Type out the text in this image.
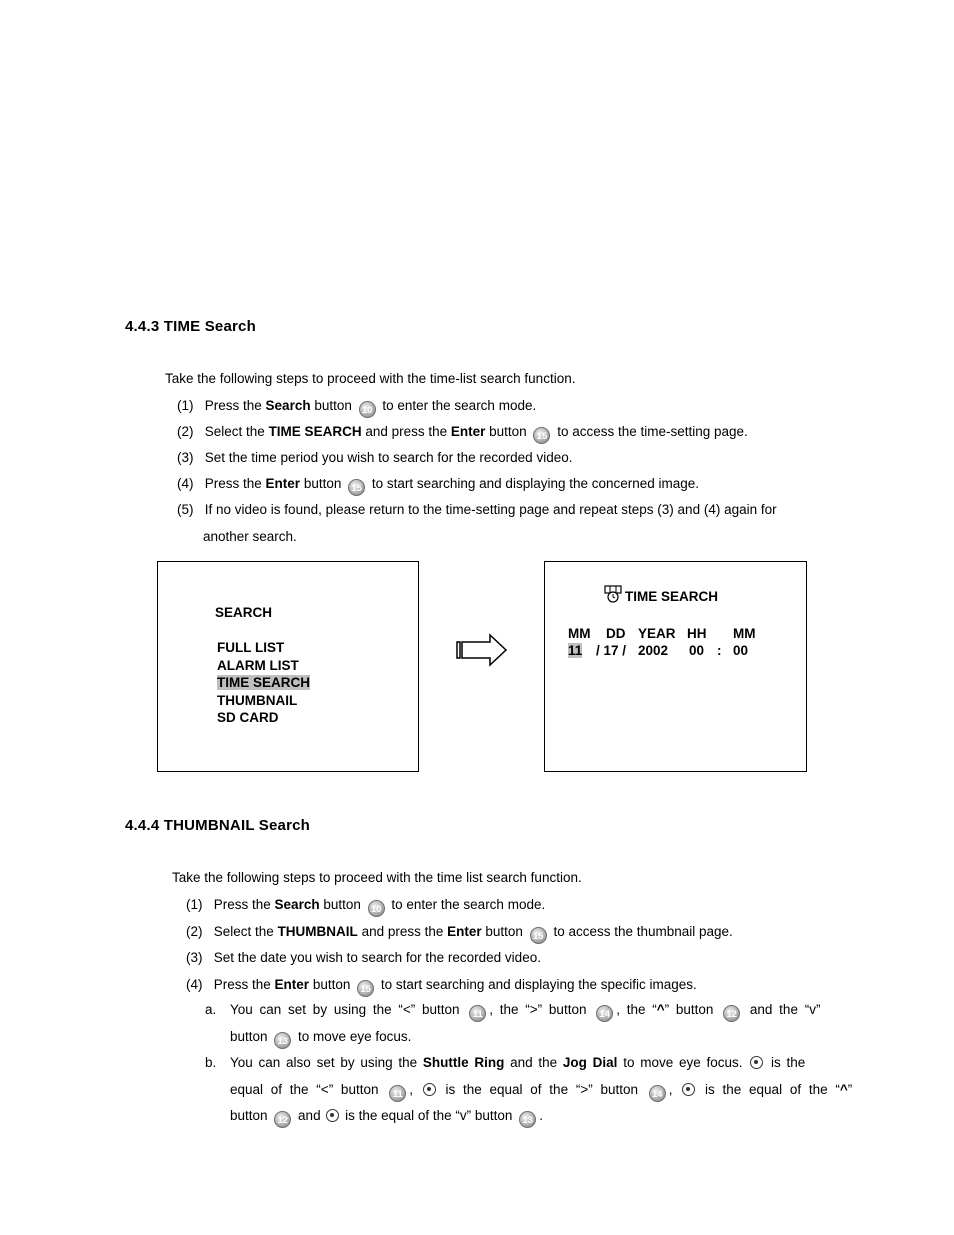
4.4.3 TIME Search
Take the following steps to proceed with the time-list search function.
(1) Press the Search button 10 to enter the search mode.
(2) Select the TIME SEARCH and press the Enter button 15 to access the time-setting page.
(3) Set the time period you wish to search for the recorded video.
(4) Press the Enter button 15 to start searching and displaying the concerned image.
(5) If no video is found, please return to the time-setting page and repeat steps (3) and (4) again for
another search.
SEARCH
FULL LIST
ALARM LIST
TIME SEARCH
THUMBNAIL
SD CARD
TIME SEARCH
MM DD YEAR HH MM
11 / 17 / 2002 00 : 00
4.4.4 THUMBNAIL Search
Take the following steps to proceed with the time list search function.
(1) Press the Search button 10 to enter the search mode.
(2) Select the THUMBNAIL and press the Enter button 15 to access the thumbnail page.
(3) Set the date you wish to search for the recorded video.
(4) Press the Enter button 15 to start searching and displaying the specific images.
a. You can set by using the “<” button 11 , the “>” button 14 , the “^” button 12 and the “v”
button 13 to move eye focus.
b. You can also set by using the Shuttle Ring and the Jog Dial to move eye focus.  is the
equal of the “<” button 11 ,  is the equal of the “>” button 14 ,  is the equal of the “^”
button 12 and  is the equal of the “v” button 13 .
